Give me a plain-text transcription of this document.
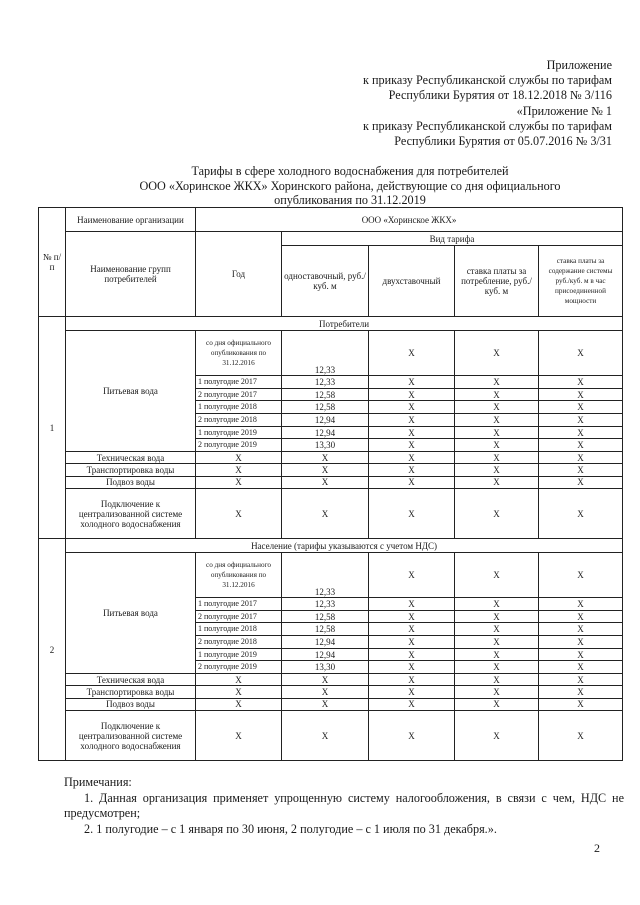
Приложение
к приказу Республиканской службы по тарифам
Республики Бурятия от 18.12.2018 № 3/116
«Приложение № 1
к приказу Республиканской службы по тарифам
Республики Бурятия от 05.07.2016 № 3/31
Тарифы в сфере холодного водоснабжения для потребителей
ООО «Хоринское ЖКХ» Хоринского района, действующие со дня официального
опубликования по 31.12.2019
№ п/ п	Наименование организации	ООО «Хоринское ЖКХ»				
	Наименование групп потребителей	Год	Вид тарифа			
			одноставочный, руб./ куб. м	двухставочный	ставка платы за потребление, руб./ куб. м	ставка платы за содержание системы руб./куб. м в час присоединенной мощности

1	Потребители					
	Питьевая вода	со дня официального опубликования по 31.12.2016	12,33	X	X	X
		1 полугодие 2017	12,33	X	X	X
		2 полугодие 2017	12,58	X	X	X
		1 полугодие 2018	12,58	X	X	X
		2 полугодие 2018	12,94	X	X	X
		1 полугодие 2019	12,94	X	X	X
		2 полугодие 2019	13,30	X	X	X
	Техническая вода	X	X	X	X	X
	Транспортировка воды	X	X	X	X	X
	Подвоз воды	X	X	X	X	X
	Подключение к централизованной системе холодного водоснабжения	X	X	X	X	X
2	Население (тарифы указываются с учетом НДС)					
	Питьевая вода	со дня официального опубликования по 31.12.2016	12,33	X	X	X
		1 полугодие 2017	12,33	X	X	X
		2 полугодие 2017	12,58	X	X	X
		1 полугодие 2018	12,58	X	X	X
		2 полугодие 2018	12,94	X	X	X
		1 полугодие 2019	12,94	X	X	X
		2 полугодие 2019	13,30	X	X	X
	Техническая вода	X	X	X	X	X
	Транспортировка воды	X	X	X	X	X
	Подвоз воды	X	X	X	X	X
	Подключение к централизованной системе холодного водоснабжения	X	X	X	X	X
Примечания:
1. Данная организация применяет упрощенную систему налогообложения, в связи с чем, НДС не предусмотрен;
2. 1 полугодие – с 1 января по 30 июня, 2 полугодие – с 1 июля по 31 декабря.».
2
